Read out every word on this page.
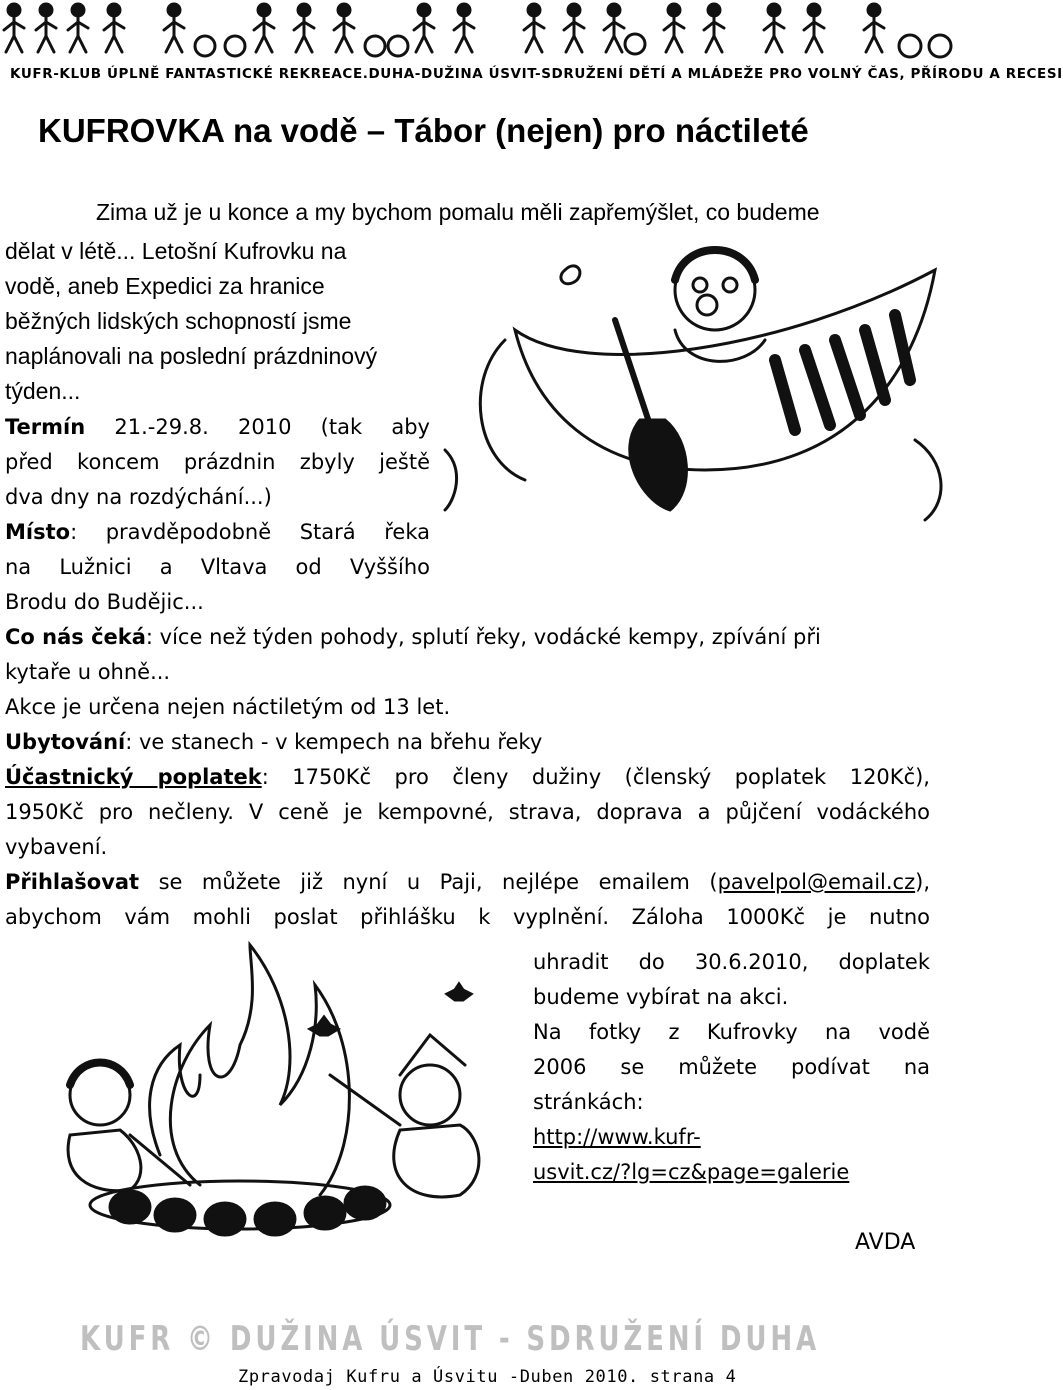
KUFR-KLUB ÚPLNĚ FANTASTICKÉ REKREACE.DUHA-DUŽINA ÚSVIT-SDRUŽENÍ DĚTÍ A MLÁDEŽE PRO VOLNÝ ČAS, PŘÍRODU A RECESI
KUFROVKA na vodě – Tábor (nejen) pro náctileté
Zima už je u konce a my bychom pomalu měli zapřemýšlet, co budeme
dělat v létě... Letošní Kufrovku na
vodě, aneb Expedici za hranice
běžných lidských schopností jsme
naplánovali na poslední prázdninový
týden...
Termín 21.-29.8. 2010 (tak aby
před koncem prázdnin zbyly ještě
dva dny na rozdýchání...)
Místo: pravděpodobně Stará řeka
na Lužnici a Vltava od Vyššího
Brodu do Budějic...
Co nás čeká: více než týden pohody, splutí řeky, vodácké kempy, zpívání při
kytaře u ohně...
Akce je určena nejen náctiletým od 13 let.
Ubytování: ve stanech - v kempech na břehu řeky
Účastnický poplatek: 1750Kč pro členy dužiny (členský poplatek 120Kč),
1950Kč pro nečleny. V ceně je kempovné, strava, doprava a půjčení vodáckého
vybavení.
Přihlašovat se můžete již nyní u Paji, nejlépe emailem (pavelpol@email.cz),
abychom vám mohli poslat přihlášku k vyplnění. Záloha 1000Kč je nutno
uhradit do 30.6.2010, doplatek
budeme vybírat na akci.
Na fotky z Kufrovky na vodě
2006 se můžete podívat na
stránkách:
http://www.kufr-
usvit.cz/?lg=cz&page=galerie
AVDA
KUFR © DUŽINA ÚSVIT - SDRUŽENÍ DUHA
Zpravodaj Kufru a Úsvitu -Duben 2010. strana 4
